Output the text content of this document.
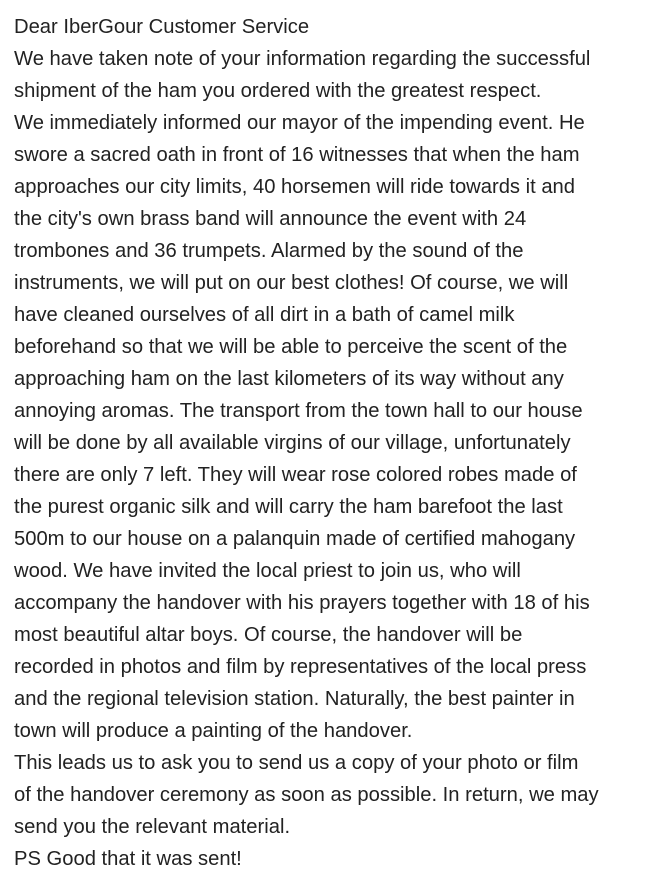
Dear IberGour Customer Service
We have taken note of your information regarding the successful
shipment of the ham you ordered with the greatest respect.
We immediately informed our mayor of the impending event. He
swore a sacred oath in front of 16 witnesses that when the ham
approaches our city limits, 40 horsemen will ride towards it and
the city's own brass band will announce the event with 24
trombones and 36 trumpets. Alarmed by the sound of the
instruments, we will put on our best clothes! Of course, we will
have cleaned ourselves of all dirt in a bath of camel milk
beforehand so that we will be able to perceive the scent of the
approaching ham on the last kilometers of its way without any
annoying aromas. The transport from the town hall to our house
will be done by all available virgins of our village, unfortunately
there are only 7 left. They will wear rose colored robes made of
the purest organic silk and will carry the ham barefoot the last
500m to our house on a palanquin made of certified mahogany
wood. We have invited the local priest to join us, who will
accompany the handover with his prayers together with 18 of his
most beautiful altar boys. Of course, the handover will be
recorded in photos and film by representatives of the local press
and the regional television station. Naturally, the best painter in
town will produce a painting of the handover.
This leads us to ask you to send us a copy of your photo or film
of the handover ceremony as soon as possible. In return, we may
send you the relevant material.
PS Good that it was sent!
